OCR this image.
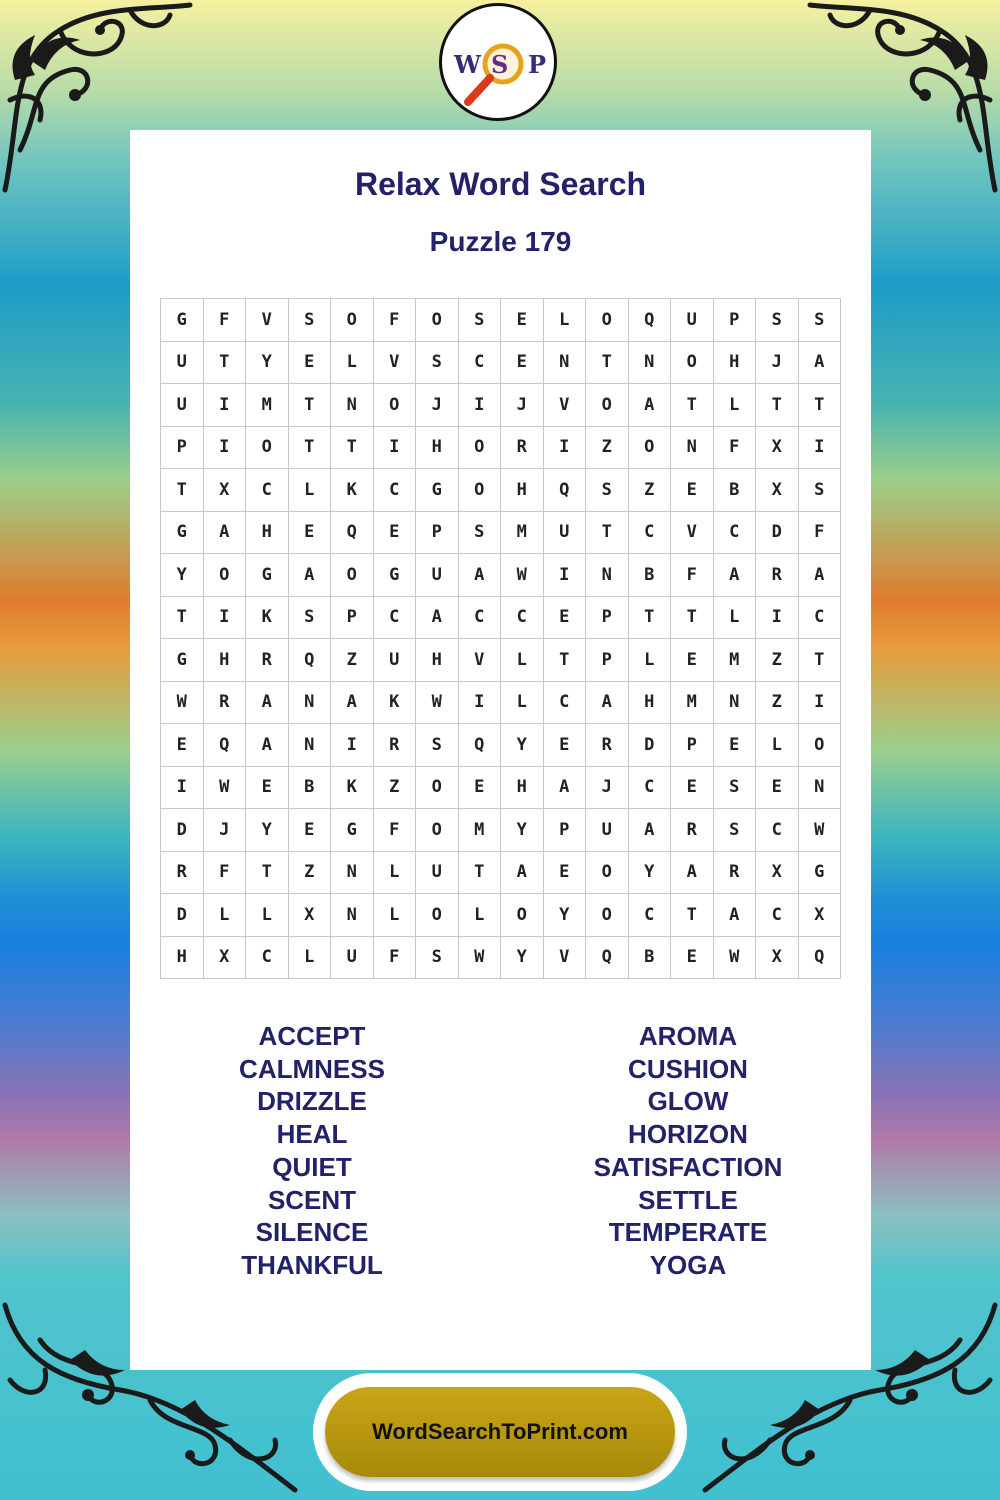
W S P
Relax Word Search
Puzzle 179
G	F	V	S	O	F	O	S	E	L	O	Q	U	P	S	S
U	T	Y	E	L	V	S	C	E	N	T	N	O	H	J	A
U	I	M	T	N	O	J	I	J	V	O	A	T	L	T	T
P	I	O	T	T	I	H	O	R	I	Z	O	N	F	X	I
T	X	C	L	K	C	G	O	H	Q	S	Z	E	B	X	S
G	A	H	E	Q	E	P	S	M	U	T	C	V	C	D	F
Y	O	G	A	O	G	U	A	W	I	N	B	F	A	R	A
T	I	K	S	P	C	A	C	C	E	P	T	T	L	I	C
G	H	R	Q	Z	U	H	V	L	T	P	L	E	M	Z	T
W	R	A	N	A	K	W	I	L	C	A	H	M	N	Z	I
E	Q	A	N	I	R	S	Q	Y	E	R	D	P	E	L	O
I	W	E	B	K	Z	O	E	H	A	J	C	E	S	E	N
D	J	Y	E	G	F	O	M	Y	P	U	A	R	S	C	W
R	F	T	Z	N	L	U	T	A	E	O	Y	A	R	X	G
D	L	L	X	N	L	O	L	O	Y	O	C	T	A	C	X
H	X	C	L	U	F	S	W	Y	V	Q	B	E	W	X	Q
ACCEPT
CALMNESS
DRIZZLE
HEAL
QUIET
SCENT
SILENCE
THANKFUL
AROMA
CUSHION
GLOW
HORIZON
SATISFACTION
SETTLE
TEMPERATE
YOGA
WordSearchToPrint.com
